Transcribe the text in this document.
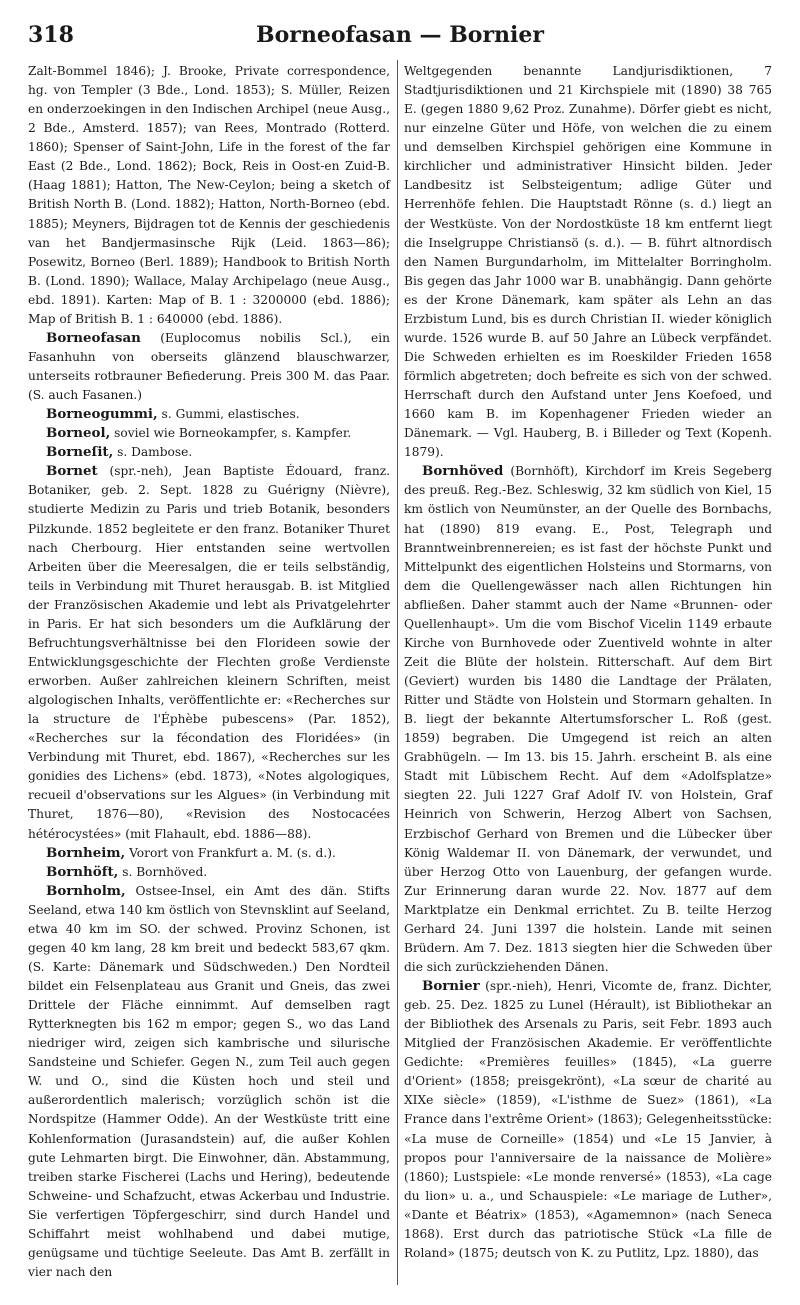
318	Borneofasan — Bornier

Zalt-Bommel 1846); J. Brooke, Private correspondence, hg. von Templer (3 Bde., Lond. 1853); S. Müller, Reizen en onderzoekingen in den Indischen Archipel (neue Ausg., 2 Bde., Amsterd. 1857); van Rees, Montrado (Rotterd. 1860); Spenser of Saint-John, Life in the forest of the far East (2 Bde., Lond. 1862); Bock, Reis in Oost-en Zuid-B. (Haag 1881); Hatton, The New-Ceylon; being a sketch of British North B. (Lond. 1882); Hatton, North-Borneo (ebd. 1885); Meyners, Bijdragen tot de Kennis der geschiedenis van het Bandjermasinsche Rijk (Leid. 1863—86); Posewitz, Borneo (Berl. 1889); Handbook to British North B. (Lond. 1890); Wallace, Malay Archipelago (neue Ausg., ebd. 1891). Karten: Map of B. 1 : 3200000 (ebd. 1886); Map of British B. 1 : 640000 (ebd. 1886).

Borneofasan (Euplocomus nobilis Scl.), ein Fasanhuhn von oberseits glänzend blauschwarzer, unterseits rotbrauner Befiederung. Preis 300 M. das Paar. (S. auch Fasanen.)

Borneogummi, s. Gummi, elastisches.

Borneol, soviel wie Borneokampfer, s. Kampfer.

Borneſit, s. Dambose.

Bornet (spr.-neh), Jean Baptiste Édouard, franz. Botaniker, geb. 2. Sept. 1828 zu Guérigny (Nièvre), studierte Medizin zu Paris und trieb Botanik, besonders Pilzkunde. 1852 begleitete er den franz. Botaniker Thuret nach Cherbourg. Hier entstanden seine wertvollen Arbeiten über die Meeresalgen, die er teils selbständig, teils in Verbindung mit Thuret herausgab. B. ist Mitglied der Französischen Akademie und lebt als Privatgelehrter in Paris. Er hat sich besonders um die Aufklärung der Befruchtungsverhältnisse bei den Florideen sowie der Entwicklungsgeschichte der Flechten große Verdienste erworben. Außer zahlreichen kleinern Schriften, meist algologischen Inhalts, veröffentlichte er: «Recherches sur la structure de l'Éphèbe pubescens» (Par. 1852), «Recherches sur la fécondation des Floridées» (in Verbindung mit Thuret, ebd. 1867), «Recherches sur les gonidies des Lichens» (ebd. 1873), «Notes algologiques, recueil d'observations sur les Algues» (in Verbindung mit Thuret, 1876—80), «Revision des Nostocacées hétérocystées» (mit Flahault, ebd. 1886—88).

Bornheim, Vorort von Frankfurt a. M. (s. d.).

Bornhöft, s. Bornhöved.

Bornholm, Ostsee-Insel, ein Amt des dän. Stifts Seeland, etwa 140 km östlich von Stevnsklint auf Seeland, etwa 40 km im SO. der schwed. Provinz Schonen, ist gegen 40 km lang, 28 km breit und bedeckt 583,67 qkm. (S. Karte: Dänemark und Südschweden.) Den Nordteil bildet ein Felsenplateau aus Granit und Gneis, das zwei Drittele der Fläche einnimmt. Auf demselben ragt Rytterknegten bis 162 m empor; gegen S., wo das Land niedriger wird, zeigen sich kambrische und silurische Sandsteine und Schiefer. Gegen N., zum Teil auch gegen W. und O., sind die Küsten hoch und steil und außerordentlich malerisch; vorzüglich schön ist die Nordspitze (Hammer Odde). An der Westküste tritt eine Kohlenformation (Jurasandstein) auf, die außer Kohlen gute Lehmarten birgt. Die Einwohner, dän. Abstammung, treiben starke Fischerei (Lachs und Hering), bedeutende Schweine- und Schafzucht, etwas Ackerbau und Industrie. Sie verfertigen Töpfergeschirr, sind durch Handel und Schiffahrt meist wohlhabend und dabei mutige, genügsame und tüchtige Seeleute. Das Amt B. zerfällt in vier nach den

Weltgegenden benannte Landjurisdiktionen, 7 Stadtjurisdiktionen und 21 Kirchspiele mit (1890) 38 765 E. (gegen 1880 9,62 Proz. Zunahme). Dörfer giebt es nicht, nur einzelne Güter und Höfe, von welchen die zu einem und demselben Kirchspiel gehörigen eine Kommune in kirchlicher und administrativer Hinsicht bilden. Jeder Landbesitz ist Selbsteigentum; adlige Güter und Herrenhöfe fehlen. Die Hauptstadt Rönne (s. d.) liegt an der Westküste. Von der Nordostküste 18 km entfernt liegt die Inselgruppe Christiansö (s. d.). — B. führt altnordisch den Namen Burgundarholm, im Mittelalter Borringholm. Bis gegen das Jahr 1000 war B. unabhängig. Dann gehörte es der Krone Dänemark, kam später als Lehn an das Erzbistum Lund, bis es durch Christian II. wieder königlich wurde. 1526 wurde B. auf 50 Jahre an Lübeck verpfändet. Die Schweden erhielten es im Roeskilder Frieden 1658 förmlich abgetreten; doch befreite es sich von der schwed. Herrschaft durch den Aufstand unter Jens Koefoed, und 1660 kam B. im Kopenhagener Frieden wieder an Dänemark. — Vgl. Hauberg, B. i Billeder og Text (Kopenh. 1879).

Bornhöved (Bornhöft), Kirchdorf im Kreis Segeberg des preuß. Reg.-Bez. Schleswig, 32 km südlich von Kiel, 15 km östlich von Neumünster, an der Quelle des Bornbachs, hat (1890) 819 evang. E., Post, Telegraph und Branntweinbrennereien; es ist fast der höchste Punkt und Mittelpunkt des eigentlichen Holsteins und Stormarns, von dem die Quellengewässer nach allen Richtungen hin abfließen. Daher stammt auch der Name «Brunnen- oder Quellenhaupt». Um die vom Bischof Vicelin 1149 erbaute Kirche von Burnhovede oder Zuentiveld wohnte in alter Zeit die Blüte der holstein. Ritterschaft. Auf dem Birt (Geviert) wurden bis 1480 die Landtage der Prälaten, Ritter und Städte von Holstein und Stormarn gehalten. In B. liegt der bekannte Altertumsforscher L. Roß (gest. 1859) begraben. Die Umgegend ist reich an alten Grabhügeln. — Im 13. bis 15. Jahrh. erscheint B. als eine Stadt mit Lübischem Recht. Auf dem «Adolfsplatze» siegten 22. Juli 1227 Graf Adolf IV. von Holstein, Graf Heinrich von Schwerin, Herzog Albert von Sachsen, Erzbischof Gerhard von Bremen und die Lübecker über König Waldemar II. von Dänemark, der verwundet, und über Herzog Otto von Lauenburg, der gefangen wurde. Zur Erinnerung daran wurde 22. Nov. 1877 auf dem Marktplatze ein Denkmal errichtet. Zu B. teilte Herzog Gerhard 24. Juni 1397 die holstein. Lande mit seinen Brüdern. Am 7. Dez. 1813 siegten hier die Schweden über die sich zurückziehenden Dänen.

Bornier (spr.-nieh), Henri, Vicomte de, franz. Dichter, geb. 25. Dez. 1825 zu Lunel (Hérault), ist Bibliothekar an der Bibliothek des Arsenals zu Paris, seit Febr. 1893 auch Mitglied der Französischen Akademie. Er veröffentlichte Gedichte: «Premières feuilles» (1845), «La guerre d'Orient» (1858; preisgekrönt), «La sœur de charité au XIXe siècle» (1859), «L'isthme de Suez» (1861), «La France dans l'extrême Orient» (1863); Gelegenheitsstücke: «La muse de Corneille» (1854) und «Le 15 Janvier, à propos pour l'anniversaire de la naissance de Molière» (1860); Lustspiele: «Le monde renversé» (1853), «La cage du lion» u. a., und Schauspiele: «Le mariage de Luther», «Dante et Béatrix» (1853), «Agamemnon» (nach Seneca 1868). Erst durch das patriotische Stück «La fille de Roland» (1875; deutsch von K. zu Putlitz, Lpz. 1880), das
